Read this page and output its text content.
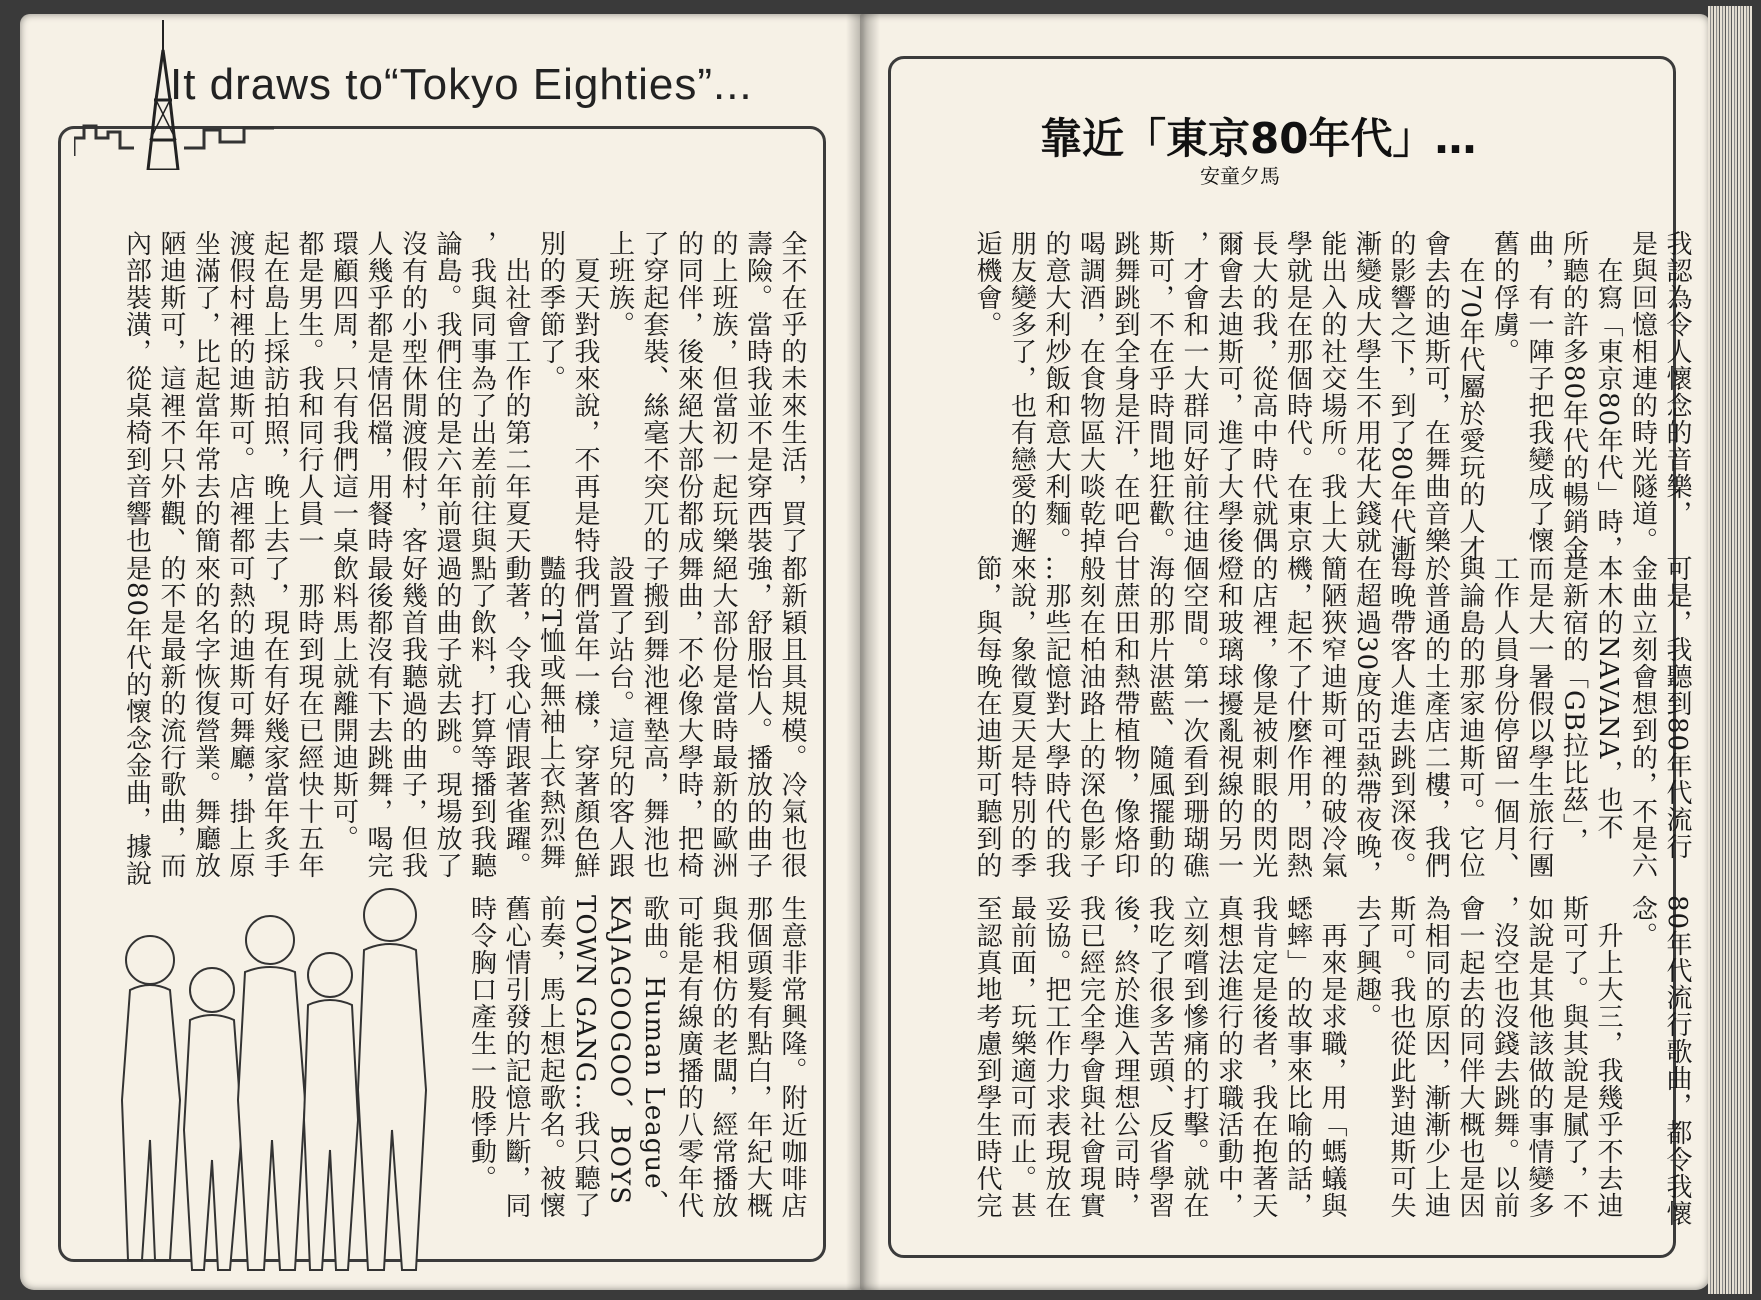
It draws to“Tokyo Eighties”...
靠近「東京80年代」…
安童夕馬
我認為令人懷念的音樂，
是與回憶相連的時光隧道。
　在寫「東京80年代」時，
所聽的許多80年代的暢銷金
曲，有一陣子把我變成了懷
舊的俘虜。
　在70年代屬於愛玩的人才
會去的迪斯可，在舞曲音樂
的影響之下，到了80年代漸
漸變成大學生不用花大錢就
能出入的社交場所。我上大
學就是在那個時代。在東京
長大的我，從高中時代就偶
爾會去迪斯可，進了大學後
，才會和一大群同好前往迪
斯可，不在乎時間地狂歡。
跳舞跳到全身是汗，在吧台
喝調酒，在食物區大啖乾掉
的意大利炒飯和意大利麵。
朋友變多了，也有戀愛的邂
逅機會。
可是，我聽到80年代流行
金曲立刻會想到的，不是六
本木的NAVANA，也不
是新宿的「GB拉比茲」，
而是大一暑假以學生旅行團
工作人員身份停留一個月、
與論島的那家迪斯可。它位
於普通的土產店二樓，我們
每晚帶客人進去跳到深夜。
在超過30度的亞熱帶夜晚，
簡陋狹窄迪斯可裡的破冷氣
機，起不了什麼作用，悶熱
的店裡，像是被刺眼的閃光
燈和玻璃球擾亂視線的另一
個空間。第一次看到珊瑚礁
海的那片湛藍、隨風擺動的
甘蔗田和熱帶植物，像烙印
般刻在柏油路上的深色影子
…那些記憶對大學時代的我
來說，象徵夏天是特別的季
節，與每晚在迪斯可聽到的
80年代流行歌曲，都令我懷
念。
　升上大三，我幾乎不去迪
斯可了。與其說是膩了，不
如說是其他該做的事情變多
，沒空也沒錢去跳舞。以前
會一起去的同伴大概也是因
為相同的原因，漸漸少上迪
斯可。我也從此對迪斯可失
去了興趣。
　再來是求職，用「螞蟻與
蟋蟀」的故事來比喻的話，
我肯定是後者，我在抱著天
真想法進行的求職活動中，
立刻嚐到慘痛的打擊。就在
我吃了很多苦頭、反省學習
後，終於進入理想公司時，
我已經完全學會與社會現實
妥協。把工作力求表現放在
最前面，玩樂適可而止。甚
至認真地考慮到學生時代完
全不在乎的未來生活，買了
壽險。當時我並不是穿西裝
的上班族，但當初一起玩樂
的同伴，後來絕大部份都成
了穿起套裝、絲毫不突兀的
上班族。
　夏天對我來說，不再是特
別的季節了。
　出社會工作的第二年夏天
，我與同事為了出差前往與
論島。我們住的是六年前還
沒有的小型休閒渡假村，客
人幾乎都是情侶檔，用餐時
環顧四周，只有我們這一桌
都是男生。我和同行人員一
起在島上採訪拍照，晚上去
渡假村裡的迪斯可。店裡都
坐滿了，比起當年常去的簡
陋迪斯可，這裡不只外觀、
內部裝潢，從桌椅到音響也
都新穎且具規模。冷氣也很
強，舒服怡人。播放的曲子
絕大部份是當時最新的歐洲
舞曲，不必像大學時，把椅
子搬到舞池裡墊高，舞池也
設置了站台。這兒的客人跟
我們當年一樣，穿著顏色鮮
豔的T恤或無袖上衣熱烈舞
動著，令我心情跟著雀躍。
點了飲料，打算等播到我聽
過的曲子就去跳。現場放了
好幾首我聽過的曲子，但我
最後都沒有下去跳舞，喝完
飲料馬上就離開迪斯可。
　那時到現在已經快十五年
了，現在有好幾家當年炙手
可熱的迪斯可舞廳，掛上原
來的名字恢復營業。舞廳放
的不是最新的流行歌曲，而
是80年代的懷念金曲，據說
生意非常興隆。附近咖啡店
那個頭髮有點白，年紀大概
與我相仿的老闆，經常播放
可能是有線廣播的八零年代
歌曲。Human League、
KAJAGOOGOO、BOYS
TOWN GANG…我只聽了
前奏，馬上想起歌名。被懷
舊心情引發的記憶片斷，同
時令胸口產生一股悸動。
